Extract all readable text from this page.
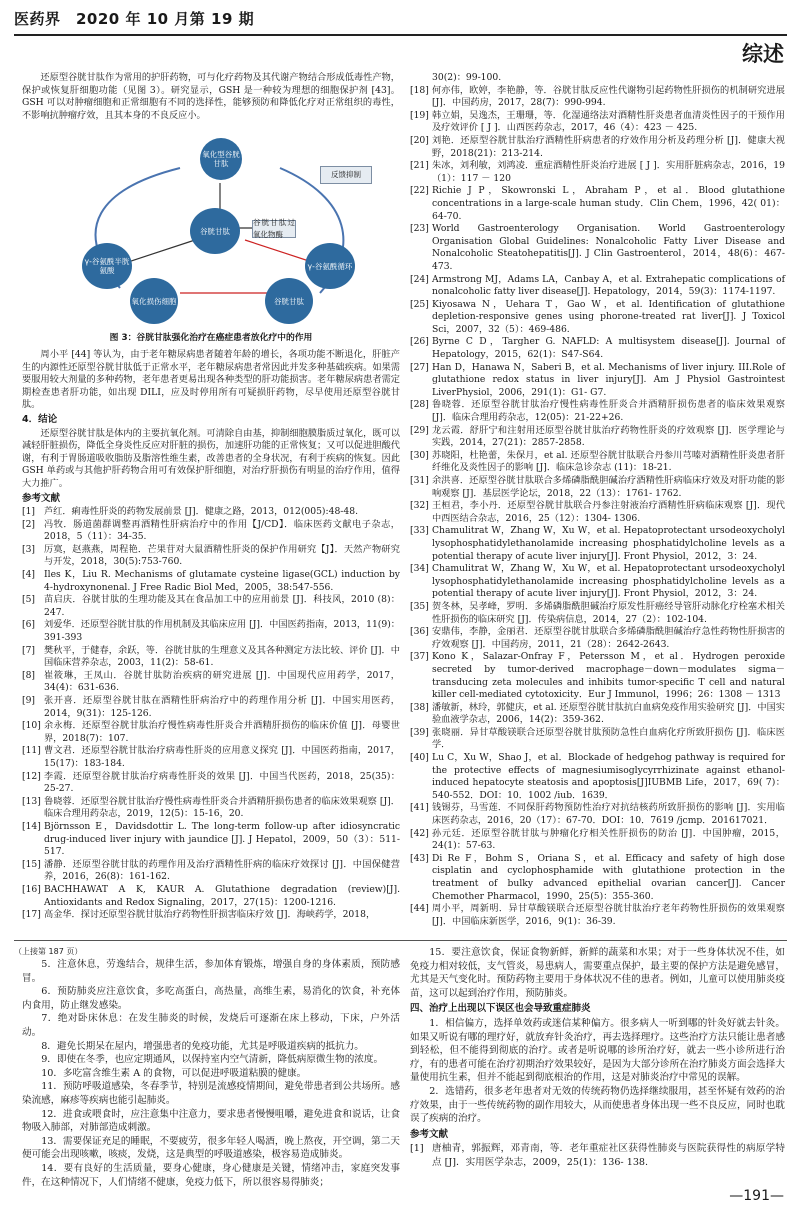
医药界　2020 年 10 月第 19 期
综述

还原型谷胱甘肽作为常用的护肝药物，可与化疗药物及其代谢产物结合形成低毒性产物，保护或恢复肝细胞功能（见图 3）。研究显示，GSH 是一种较为理想的细胞保护剂 [43]。GSH 可以对肿瘤细胞和正常细胞有不同的选择性，能够预防和降低化疗对正常组织的毒性，不影响抗肿瘤疗效，且其本身的不良反应小。

氧化型谷胱甘肽
谷胱甘肽
γ-谷氨酰半胱氨酸	γ-谷氨酰循环
氧化损伤细胞	谷胱甘肽
谷胱甘肽过氧化物酶
反馈抑制
图 3：谷胱甘肽强化治疗在癌症患者放化疗中的作用

周小平 [44] 等认为，由于老年糖尿病患者随着年龄的增长，各项功能不断退化，肝脏产生的内源性还原型谷胱甘肽低于正常水平，老年糖尿病患者常因此并发多种基础疾病。如果需要服用较大剂量的多种药物，老年患者更易出现各种类型的肝功能损害。老年糖尿病患者需定期检查患者肝功能，如出现 DILI，应及时停用所有可疑损肝药物，尽早使用还原型谷胱甘肽。

4．结论

还原型谷胱甘肽是体内的主要抗氧化剂。可清除自由基，抑制细胞膜脂质过氧化，既可以减轻肝脏损伤，降低全身炎性反应对肝脏的损伤，加速肝功能的正常恢复；又可以促进胆酸代谢，有利于胃肠道吸收脂肪及脂溶性维生素，改善患者的全身状况，有利于疾病的恢复。因此 GSH 单药或与其他护肝药物合用可有效保护肝细胞，对治疗肝损伤有明显的治疗作用，值得大力推广。

参考文献
[1] 芦红．痢毒性肝炎的药物发展前景 [J]．健康之路，2013，012(005):48-48.
[2] 冯牧．肠道菌群调整再酒精性肝病治疗中的作用【J/CD】．临床医药文献电子杂志，2018，5（11）：34-35.
[3] 厉寞，赵燕燕，周程艳．芒果苷对大鼠酒精性肝炎的保护作用研究【J】．天然产物研究与开发，2018，30(5):753-760.
[4] Iles K，Liu R. Mechanisms of glutamate cysteine ligase(GCL) induction by 4-hydroxynonenal. J Free Radic Biol Med，2005，38:547-556.
[5] 苗启庆．谷胱甘肽的生理功能及其在食品加工中的应用前景 [J]．科技风，2010 (8)：247.
[6] 刘爱华．还原型谷胱甘肽的作用机制及其临床应用 [J]．中国医药指南，2013，11(9)：391-393
[7] 樊秋平，于健春，余跃，等．谷胱甘肽的生理意义及其各种测定方法比较、评价 [J]．中国临床营养杂志，2003，11(2)：58-61.
[8] 崔筱琳，王凤山．谷胱甘肽防治疾病的研究进展 [J]．中国现代应用药学，2017，34(4)：631-636.
[9] 张开喜．还原型谷胱甘肽在酒精性肝病治疗中的药理作用分析 [J]．中国实用医药，2014，9(31)：125-126.
[10] 余永梅．还原型谷胱甘肽治疗慢性病毒性肝炎合并酒精肝损伤的临床价值 [J]．母婴世界，2018(7)：107.
[11] 曹文君．还原型谷胱甘肽治疗病毒性肝炎的应用意义探究 [J]．中国医药指南，2017，15(17)：183-184.
[12] 李霞．还原型谷胱甘肽治疗病毒性肝炎的效果 [J]．中国当代医药，2018，25(35)：25-27.
[13] 鲁晓蓉．还原型谷胱甘肽治疗慢性病毒性肝炎合并酒精肝损伤患者的临床效果观察 [J]．临床合理用药杂志，2019，12(5)：15-16，20.
[14] Björnsson E，Davidsdottir L. The long-term follow-up after idiosyncratic drug-induced liver injury with jaundice [J]. J Hepatol，2009，50（3）：511-517.
[15] 潘静．还原型谷胱甘肽的药理作用及治疗酒精性肝病的临床疗效探讨 [J]．中国保健营养，2016，26(8)：161-162.
[16] BACHHAWAT A K, KAUR A. Glutathione degradation (review)[J]. Antioxidants and Redox Signaling，2017，27(15)：1200-1216.
[17] 高金华．探讨还原型谷胱甘肽治疗药物性肝损害临床疗效 [J]．海峡药学，2018，
30(2)：99-100.
[18] 何亦伟，欧婷，李艳静，等．谷胱甘肽反应性代谢物引起药物性肝损伤的机制研究进展 [J]．中国药房，2017，28(7)：990-994.
[19] 韩立娟，吴逸杰，王珊珊，等．化湿通络法对酒精性肝炎患者血清炎性因子的干预作用及疗效评价 [ J ]．山西医药杂志，2017，46（4）：423 － 425.
[20] 刘艳．还原型谷胱甘肽治疗酒精性肝病患者的疗效作用分析及药理分析 [J]．健康大视野，2018(21)：213-214.
[21] 朱冰，刘利敏，刘鸿凌．重症酒精性肝炎治疗进展 [ J ]．实用肝脏病杂志，2016，19（1）：117 － 120
[22] Richie J P，Skowronski L，Abraham P，et al．Blood glutathione concentrations in a large-scale human study．Clin Chem，1996，42( 01)：64-70.
[23] World Gastroenterology Organisation. World Gastroenterology Organisation Global Guidelines: Nonalcoholic Fatty Liver Disease and Nonalcoholic Steatohepatitis[J]. J Clin Gastroenterol，2014，48(6)：467-473.
[24] Armstrong MJ，Adams LA，Canbay A，et al. Extrahepatic complications of nonalcoholic fatty liver disease[J]. Hepatology，2014，59(3)：1174-1197.
[25] Kiyosawa N，Uehara T，Gao W，et al. Identification of glutathione depletion-responsive genes using phorone-treated rat liver[J]. J Toxicol Sci，2007，32（5）：469-486.
[26] Byrne C D，Targher G. NAFLD: A multisystem disease[J]. Journal of Hepatology，2015，62(1)：S47-S64.
[27] Han D，Hanawa N，Saberi B，et al. Mechanisms of liver injury. III.Role of glutathione redox status in liver injury[J]. Am J Physiol Gastrointest LiverPhysiol，2006，291(1)：G1- G7.
[28] 鲁晓蓉．还原型谷胱甘肽治疗慢性病毒性肝炎合并酒精肝损伤患者的临床效果观察 [J]．临床合理用药杂志，12(05)：21-22+26.
[29] 龙云霞．舒肝宁和注射用还原型谷胱甘肽治疗药物性肝炎的疗效观察 [J]．医学理论与实践，2014，27(21)：2857-2858.
[30] 苏晓阳，杜艳蕾，朱保月，et al. 还原型谷胱甘肽联合丹参川芎嗪对酒精性肝炎患者肝纤维化及炎性因子的影响 [J]．临床急诊杂志 (11)：18-21.
[31] 余洪喜．还原型谷胱甘肽联合多烯磷脂酰胆碱治疗酒精性肝病临床疗效及对肝功能的影响观察 [J]．基层医学论坛，2018，22（13）：1761- 1762.
[32] 王桓君，李小丹．还原型谷胱甘肽联合丹参注射液治疗酒精性肝病临床观察 [J]．现代中西医结合杂志，2016，25（12）：1304- 1306.
[33] Chamulitrat W，Zhang W，Xu W，et al. Hepatoprotectant ursodeoxycholyl lysophosphatidylethanolamide increasing phosphatidylcholine levels as a potential therapy of acute liver injury[J]. Front Physiol，2012，3：24.
[34] Chamulitrat W，Zhang W，Xu W，et al. Hepatoprotectant ursodeoxycholyl lysophosphatidylethanolamide increasing phosphatidylcholine levels as a potential therapy of acute liver injury[J]. Front Physiol，2012，3：24.
[35] 贺冬林，吴孝峰，罗明．多烯磷脂酰胆碱治疗原发性肝癌经导管肝动脉化疗栓塞术相关性肝损伤的临床研究 [J]．传染病信息，2014，27（2）：102-104.
[36] 安鼎伟，李静，金丽君．还原型谷胱甘肽联合多烯磷脂酰胆碱治疗急性药物性肝损害的疗效观察 [J]．中国药房，2011，21（28）：2642-2643.
[37] Kono K，Salazar-Onfray F，Petersson M，et al．Hydrogen peroxide secreted by tumor-derived macrophage－down－modulates sigma－transducing zeta molecules and inhibits tumor-specific T cell and natural killer cell-mediated cytotoxicity．Eur J Immunol，1996；26：1308 － 1313
[38] 潘敏新，林玲，郭健庆，et al. 还原型谷胱甘肽抗白血病免疫作用实验研究 [J]．中国实验血液学杂志，2006，14(2)：359-362.
[39] 张晓丽．异甘草酸镁联合还原型谷胱甘肽预防急性白血病化疗所致肝损伤 [J]．临床医学．
[40] Lu C，Xu W，Shao J，et al．Blockade of hedgehog pathway is required for the protective effects of magnesiumisoglycyrrhizinate against ethanol-induced hepatocyte steatosis and apoptosis[J]IUBMB Life，2017，69( 7)：540-552．DOI：10．1002 /iub．1639．
[41] 钱锡芬，马雪莲．不同保肝药物预防性治疗对抗结核药所致肝损伤的影响 [J]．实用临床医药杂志，2016，20（17）：67-70．DOI：10．7619 /jcmp．201617021．
[42] 孙元廷．还原型谷胱甘肽与肿瘤化疗相关性肝损伤的防治 [J]．中国肿瘤，2015，24(1)：57-63.
[43] Di Re F，Bohm S，Oriana S，et al. Efficacy and safety of high dose cisplatin and cyclophosphamide with glutathione protection in the treatment of bulky advanced epithelial ovarian cancer[J]. Cancer Chemother Pharmacol，1990，25(5)：355-360.
[44] 周小平，周新明．异甘草酸镁联合还原型谷胱甘肽治疗老年药物性肝损伤的效果观察 [J]．中国临床新医学，2016，9(1)：36-39.
（上接第 187 页）

5．注意休息，劳逸结合，规律生活，参加体育锻炼，增强自身的身体素质，预防感冒。

6．预防肺炎应注意饮食，多吃高蛋白，高热量，高维生素，易消化的饮食，补充体内食用，防止继发感染。

7．绝对卧床休息：在发生肺炎的时候，发烧后可逐渐在床上移动，下床，户外活动。

8．避免长期呆在屋内，增强患者的免疫功能，尤其是呼吸道疾病的抵抗力。

9．即使在冬季，也应定期通风，以保持室内空气清新，降低病原微生物的浓度。

10．多吃富含维生素 A 的食物，可以促进呼吸道粘膜的健康。

11．预防呼吸道感染，冬春季节，特别是流感疫情期间，避免带患者到公共场所。感染流感，麻疹等疾病也能引起肺炎。

12．进食或喂食时，应注意集中注意力，要求患者慢慢咀嚼，避免进食和说话，让食物吸入肺部，对肺部造成刺激。

13．需要保证充足的睡眠，不要疲劳，很多年轻人喝酒，晚上熬夜，开空调，第二天便可能会出现咳嗽，咳痰，发烧，这是典型的呼吸道感染，极容易造成肺炎。

14．要有良好的生活质量，要身心健康，身心健康是关键，情绪冲击，家庭突发事件，在这种情况下，人们情绪不健康，免疫力低下，所以很容易得肺炎；

15．要注意饮食，保证食物新鲜，新鲜的蔬菜和水果；对于一些身体状况不佳，如免疫力相对较低，支气管炎，易患病人，需要重点保护，最主要的保护方法是避免感冒，尤其是天气变化时。预防药物主要用于身体状况不佳的患者。例如，儿童可以使用肺炎疫苗，这可以起到治疗作用，预防肺炎。

四、治疗上出现以下误区也会导致重症肺炎

1．相信偏方，选择单效药或迷信某种偏方。很多病人一听到哪的针灸好就去针灸。如果又听说有哪的理疗好，就放弃针灸治疗，再去选择理疗。这些治疗方法只能让患者感到轻松，但不能得到彻底的治疗。或者是听说哪的诊所治疗好，就去一些小诊所进行治疗，有的患者可能在治疗初期治疗效果较好，是因为大部分诊所在治疗肺炎方面会选择大量使用抗生素，但并不能起到彻底根治的作用，这是对肺炎治疗中常见的误解。

2．选错药，很多老年患者对无效的传统药物仍选择继续服用，甚至怀疑有效药的治疗效果，由于一些传统药物的副作用较大，从而使患者身体出现一些不良反应，同时也耽误了疾病的治疗。

参考文献
[1] 唐柚青，郭振辉，邓青南，等．老年重症社区获得性肺炎与医院获得性的病原学特点 [J]．实用医学杂志，2009，25(1)：136- 138.
—191—
